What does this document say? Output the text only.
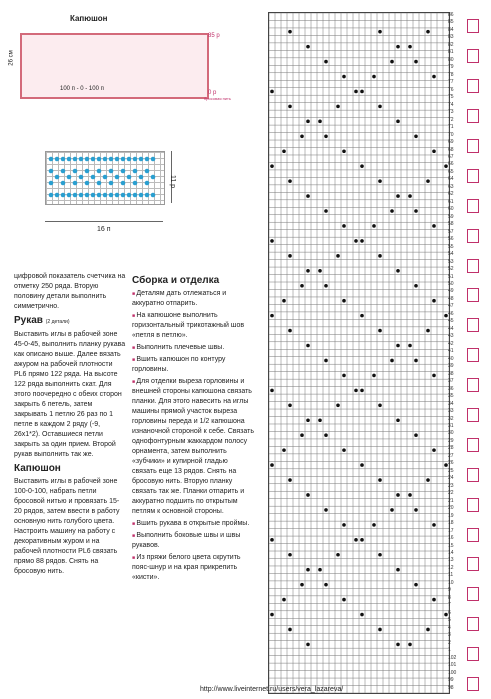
Капюшон
85 р
0 р
100 п - 0 - 100 п
26 см
бросовая нить
11 р
16 п

цифровой показатель счетчика на отметку 250 ряда. Вторую половину детали выполнить симметрично.

Рукав (2 детали)

Выставить иглы в рабочей зоне 45-0-45, выполнить планку рукава как описано выше. Далее вязать ажуром на рабочей плотности PL6 прямо 122 ряда. На высоте 122 ряда выполнить скат. Для этого поочередно с обеих сторон закрыть 6 петель, затем закрывать 1 петлю 26 раз по 1 петле в каждом 2 ряду (-9, 26х1*2). Оставшиеся петли закрыть за один прием. Второй рукав выполнить так же.

Капюшон

Выставить иглы в рабочей зоне 100-0-100, набрать петли бросовой нитью и провязать 15-20 рядов, затем ввести в работу основную нить голубого цвета. Настроить машину на работу с декоративным журом и на рабочей плотности PL6 связать прямо 88 рядов. Снять на бросовую нить.

Сборка и отделка

■ Деталям дать отлежаться и аккуратно отпарить.

■ На капюшоне выполнить горизонтальный трикотажный шов «петля в петлю».

■ Выполнить плечевые швы.

■ Вшить капюшон по контуру горловины.

■ Для отделки выреза горловины и внешней стороны капюшона связать планки. Для этого навесить на иглы машины прямой участок выреза горловины переда и 1/2 капюшона изнаночной стороной к себе. Связать однофонтурным жаккардом полосу орнамента, затем выполнить «зубчики» и купирной гладью связать еще 13 рядов. Снять на бросовую нить. Вторую планку связать так же. Планки отпарить и аккуратно подшить по открытым петлям к основной стороны.

■ Вшить рукава в открытые проймы.

■ Выполнить боковые швы и швы рукавов.

■ Из пряжи белого цвета скрутить пояс-шнур и на края прикрепить «кисти».

86
85
84
83
82
81
80
79
78
77
76
75
74
73
72
71
70
69
68
67
66
65
64
63
62
61
60
59
58
57
56
55
54
53
52
51
50
49
48
47
46
45
44
43
42
41
40
39
38
37
36
35
34
33
32
31
30
29
28
27
26
25
24
23
22
21
20
19
18
17
16
15
14
13
12
11
10
9
8
7
6
5
4
3
2
1
102
101
100
99
98
http://www.liveinternet.ru/users/vera_lazareva/
